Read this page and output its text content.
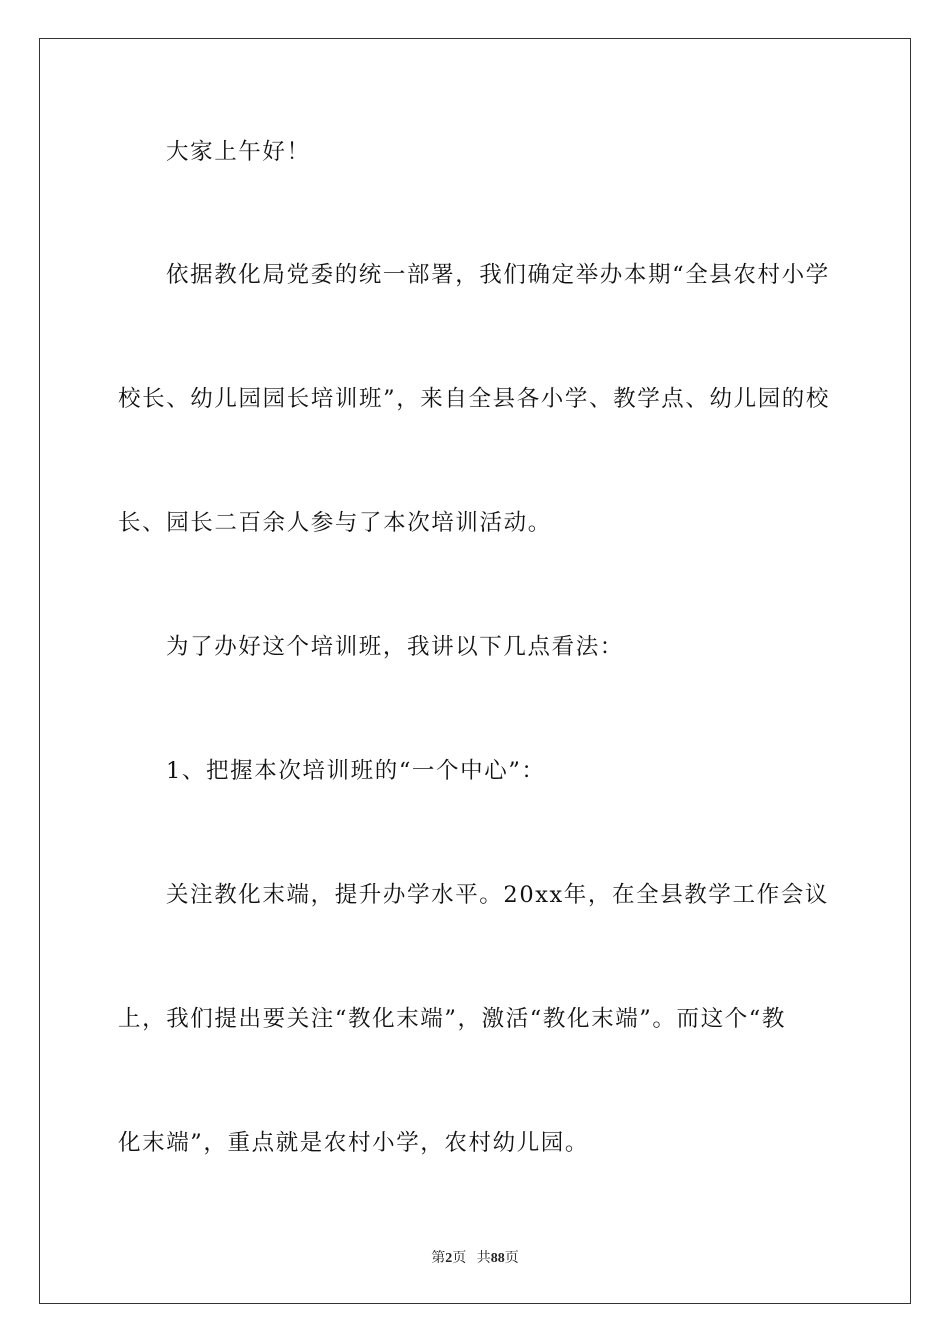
大家上午好！

依据教化局党委的统一部署，我们确定举办本期“全县农村小学

校长、幼儿园园长培训班”，来自全县各小学、教学点、幼儿园的校

长、园长二百余人参与了本次培训活动。

为了办好这个培训班，我讲以下几点看法：

1、把握本次培训班的“一个中心”：

关注教化末端，提升办学水平。20xx年，在全县教学工作会议

上，我们提出要关注“教化末端”，激活“教化末端”。而这个“教

化末端”，重点就是农村小学，农村幼儿园。

第2页 共88页
